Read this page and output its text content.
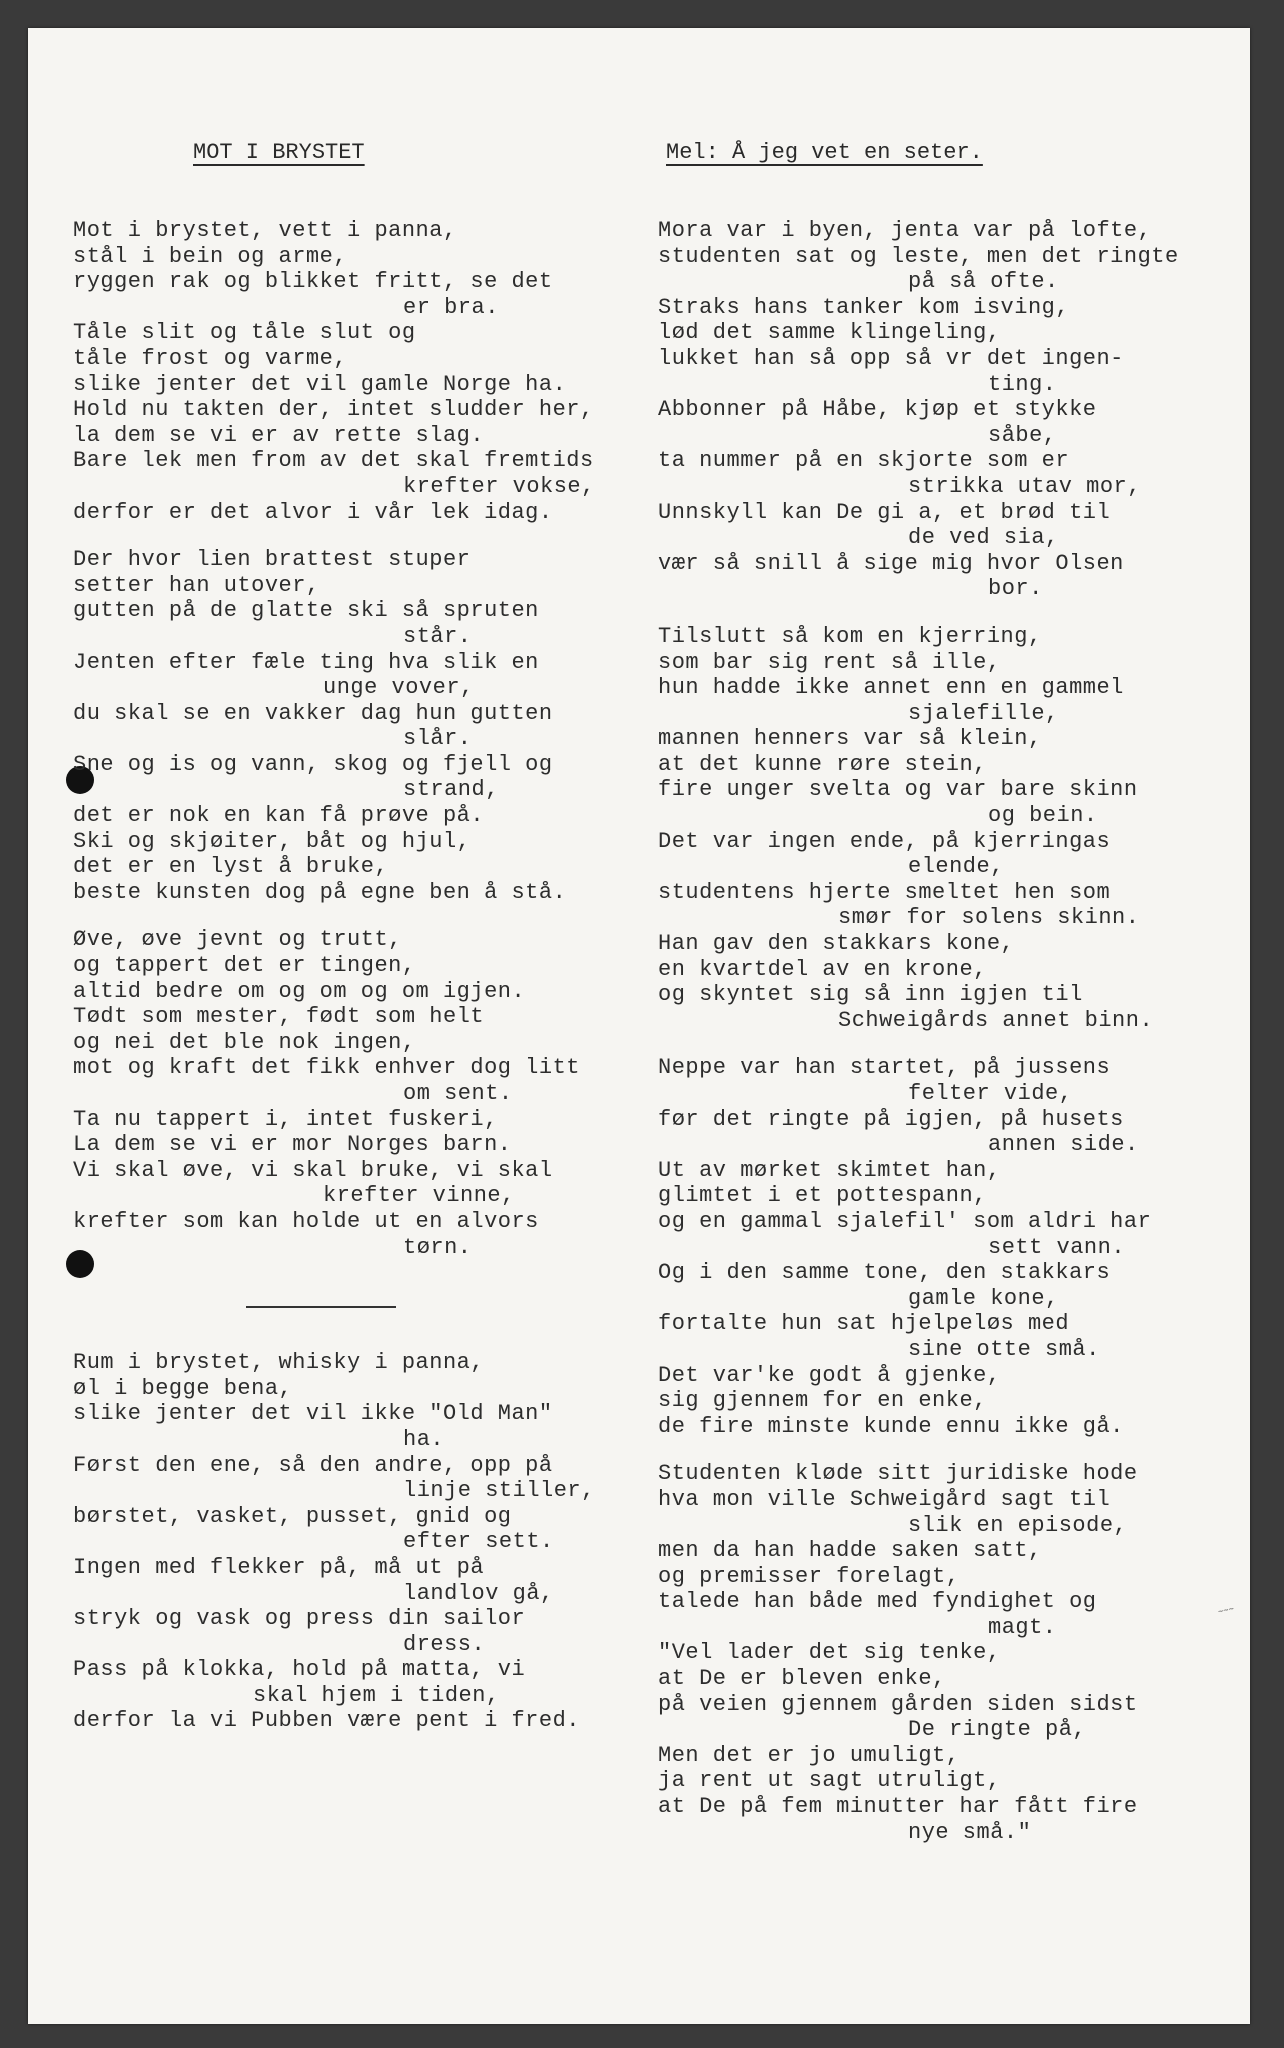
MOT I BRYSTET	Mel: Å jeg vet en seter.
Mot i brystet, vett i panna,
stål i bein og arme,
ryggen rak og blikket fritt, se det
er bra.
Tåle slit og tåle slut og
tåle frost og varme,
slike jenter det vil gamle Norge ha.
Hold nu takten der, intet sludder her,
la dem se vi er av rette slag.
Bare lek men from av det skal fremtids
krefter vokse,
derfor er det alvor i vår lek idag.
Der hvor lien brattest stuper
setter han utover,
gutten på de glatte ski så spruten
står.
Jenten efter fæle ting hva slik en
unge vover,
du skal se en vakker dag hun gutten
slår.
Sne og is og vann, skog og fjell og
strand,
det er nok en kan få prøve på.
Ski og skjøiter, båt og hjul,
det er en lyst å bruke,
beste kunsten dog på egne ben å stå.
Øve, øve jevnt og trutt,
og tappert det er tingen,
altid bedre om og om og om igjen.
Tødt som mester, født som helt
og nei det ble nok ingen,
mot og kraft det fikk enhver dog litt
om sent.
Ta nu tappert i, intet fuskeri,
La dem se vi er mor Norges barn.
Vi skal øve, vi skal bruke, vi skal
krefter vinne,
krefter som kan holde ut en alvors
tørn.
Rum i brystet, whisky i panna,
øl i begge bena,
slike jenter det vil ikke "Old Man"
ha.
Først den ene, så den andre, opp på
linje stiller,
børstet, vasket, pusset, gnid og
efter sett.
Ingen med flekker på, må ut på
landlov gå,
stryk og vask og press din sailor
dress.
Pass på klokka, hold på matta, vi
skal hjem i tiden,
derfor la vi Pubben være pent i fred.
Mora var i byen, jenta var på lofte,
studenten sat og leste, men det ringte
på så ofte.
Straks hans tanker kom isving,
lød det samme klingeling,
lukket han så opp så vr det ingen-
ting.
Abbonner på Håbe, kjøp et stykke
såbe,
ta nummer på en skjorte som er
strikka utav mor,
Unnskyll kan De gi a, et brød til
de ved sia,
vær så snill å sige mig hvor Olsen
bor.
Tilslutt så kom en kjerring,
som bar sig rent så ille,
hun hadde ikke annet enn en gammel
sjalefille,
mannen henners var så klein,
at det kunne røre stein,
fire unger svelta og var bare skinn
og bein.
Det var ingen ende, på kjerringas
elende,
studentens hjerte smeltet hen som
smør for solens skinn.
Han gav den stakkars kone,
en kvartdel av en krone,
og skyntet sig så inn igjen til
Schweigårds annet binn.
Neppe var han startet, på jussens
felter vide,
før det ringte på igjen, på husets
annen side.
Ut av mørket skimtet han,
glimtet i et pottespann,
og en gammal sjalefil' som aldri har
sett vann.
Og i den samme tone, den stakkars
gamle kone,
fortalte hun sat hjelpeløs med
sine otte små.
Det var'ke godt å gjenke,
sig gjennem for en enke,
de fire minste kunde ennu ikke gå.
Studenten kløde sitt juridiske hode
hva mon ville Schweigård sagt til
slik en episode,
men da han hadde saken satt,
og premisser forelagt,
talede han både med fyndighet og
magt.
"Vel lader det sig tenke,
at De er bleven enke,
på veien gjennem gården siden sidst
De ringte på,
Men det er jo umuligt,
ja rent ut sagt utruligt,
at De på fem minutter har fått fire
nye små."
~~~
